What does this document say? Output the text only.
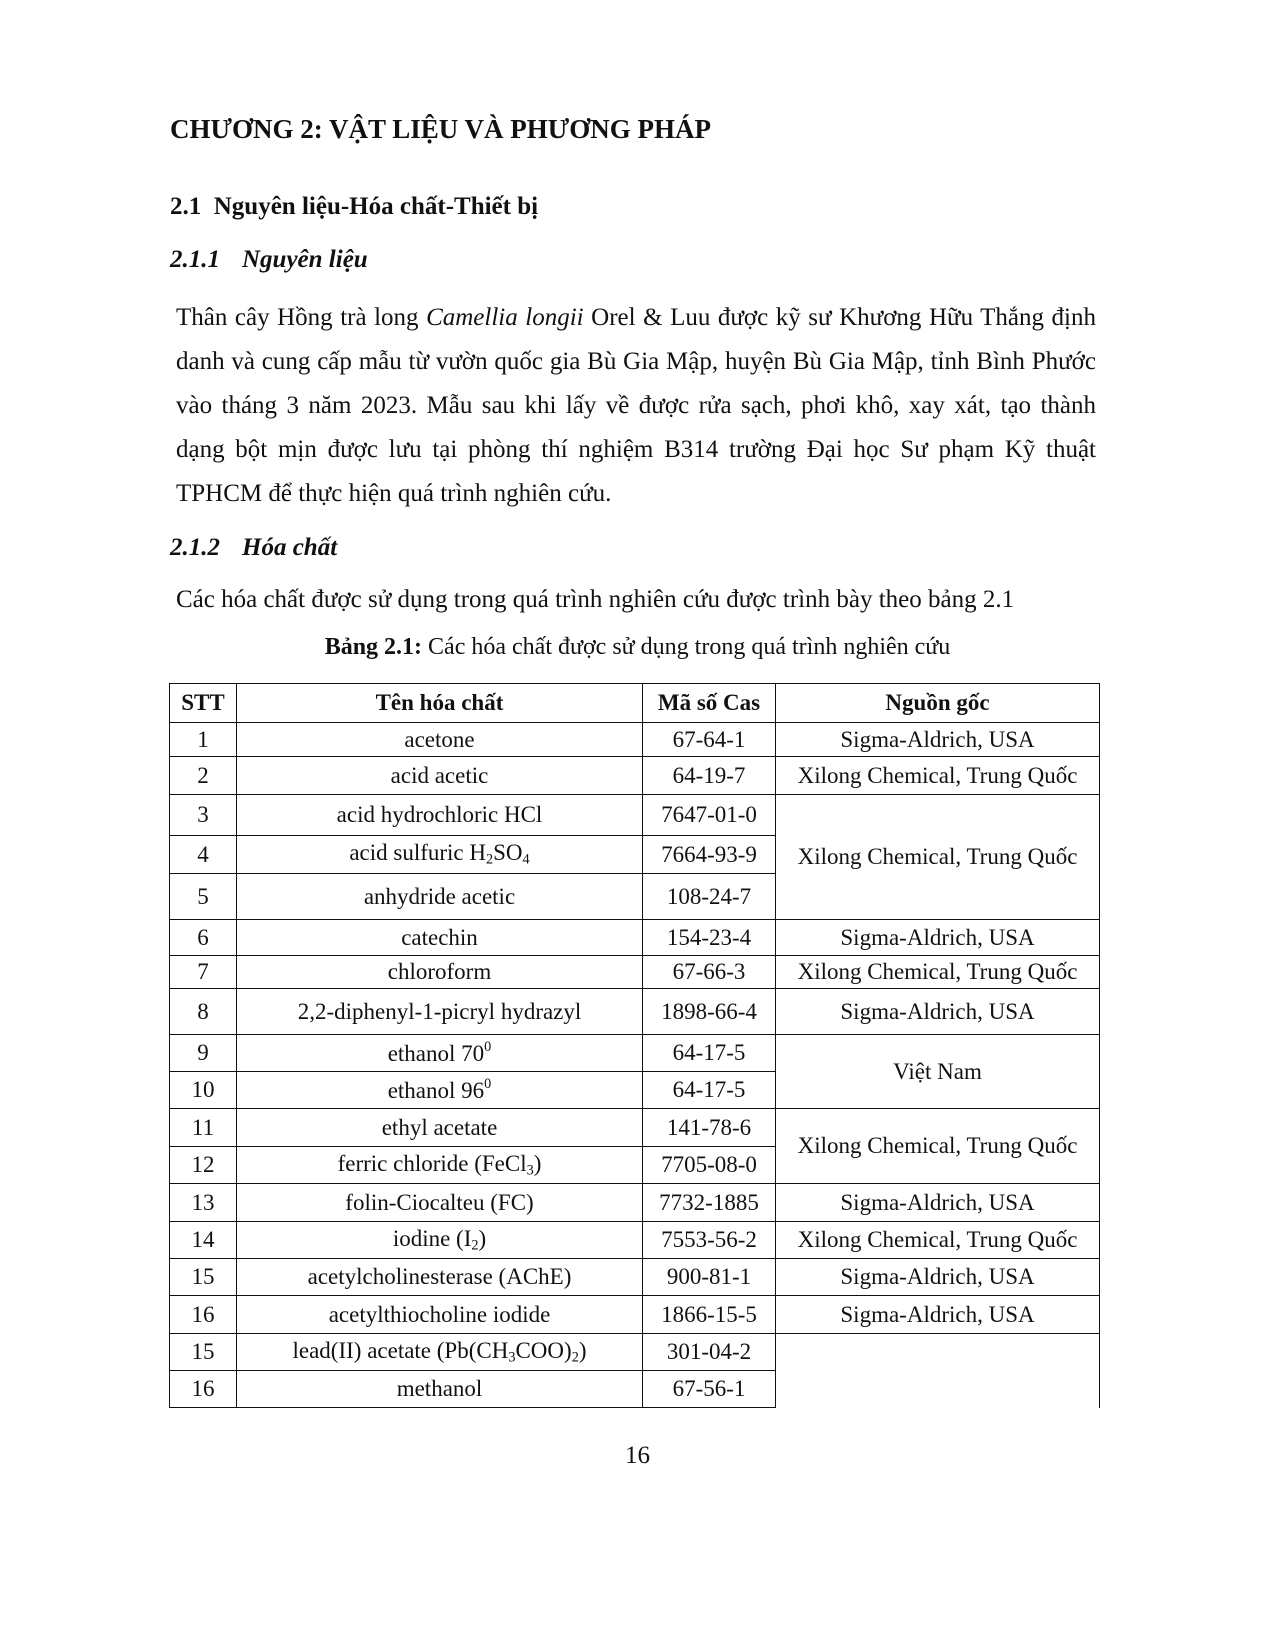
CHƯƠNG 2: VẬT LIỆU VÀ PHƯƠNG PHÁP
2.1 Nguyên liệu-Hóa chất-Thiết bị
2.1.1 Nguyên liệu
Thân cây Hồng trà long Camellia longii Orel & Luu được kỹ sư Khương Hữu Thắng định
danh và cung cấp mẫu từ vườn quốc gia Bù Gia Mập, huyện Bù Gia Mập, tỉnh Bình Phước
vào tháng 3 năm 2023. Mẫu sau khi lấy về được rửa sạch, phơi khô, xay xát, tạo thành
dạng bột mịn được lưu tại phòng thí nghiệm B314 trường Đại học Sư phạm Kỹ thuật
TPHCM để thực hiện quá trình nghiên cứu.
2.1.2 Hóa chất
Các hóa chất được sử dụng trong quá trình nghiên cứu được trình bày theo bảng 2.1
Bảng 2.1: Các hóa chất được sử dụng trong quá trình nghiên cứu
STT	Tên hóa chất	Mã số Cas	Nguồn gốc
1	acetone	67-64-1	Sigma-Aldrich, USA
2	acid acetic	64-19-7	Xilong Chemical, Trung Quốc
3	acid hydrochloric HCl	7647-01-0	Xilong Chemical, Trung Quốc
4	acid sulfuric $H_2SO_4$	7664-93-9	
5	anhydride acetic	108-24-7	
6	catechin	154-23-4	Sigma-Aldrich, USA
7	chloroform	67-66-3	Xilong Chemical, Trung Quốc
8	2,2-diphenyl-1-picryl hydrazyl	1898-66-4	Sigma-Aldrich, USA
9	ethanol $70^0$	64-17-5	Việt Nam
10	ethanol $96^0$	64-17-5	
11	ethyl acetate	141-78-6	Xilong Chemical, Trung Quốc
12	ferric chloride (FeCl$_3$)	7705-08-0	
13	folin-Ciocalteu (FC)	7732-1885	Sigma-Aldrich, USA
14	iodine $(I_2)$	7553-56-2	Xilong Chemical, Trung Quốc
15	acetylcholinesterase (AChE)	900-81-1	Sigma-Aldrich, USA
16	acetylthiocholine iodide	1866-15-5	Sigma-Aldrich, USA
15	lead(II) acetate $(Pb(CH_3COO)_2)$	301-04-2	
16	methanol	67-56-1	
16
